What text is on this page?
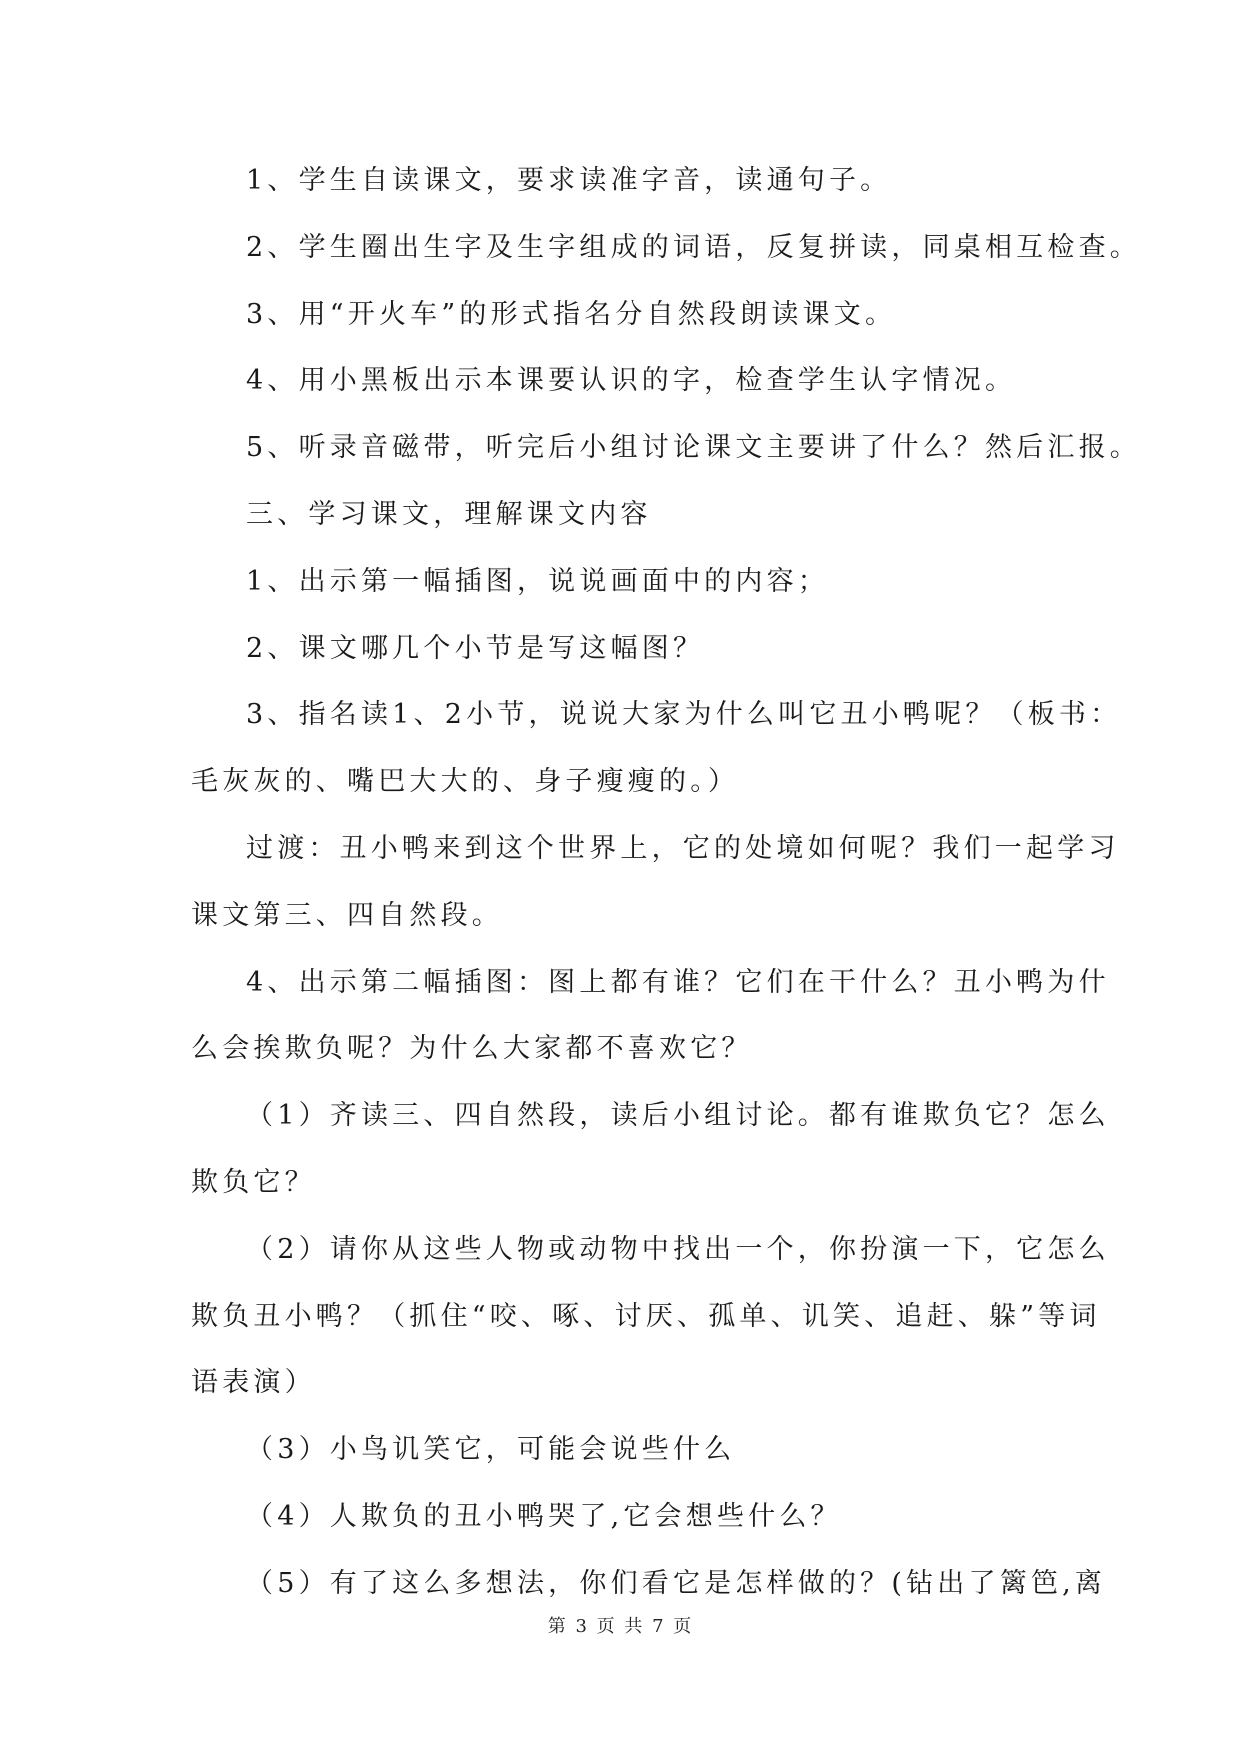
1、学生自读课文，要求读准字音，读通句子。
2、学生圈出生字及生字组成的词语，反复拼读，同桌相互检查。
3、用“开火车”的形式指名分自然段朗读课文。
4、用小黑板出示本课要认识的字，检查学生认字情况。
5、听录音磁带，听完后小组讨论课文主要讲了什么？然后汇报。
三、学习课文，理解课文内容
1、出示第一幅插图，说说画面中的内容；
2、课文哪几个小节是写这幅图？
3、指名读1、2小节，说说大家为什么叫它丑小鸭呢？（板书：
毛灰灰的、嘴巴大大的、身子瘦瘦的。）
过渡：丑小鸭来到这个世界上，它的处境如何呢？我们一起学习
课文第三、四自然段。
4、出示第二幅插图：图上都有谁？它们在干什么？丑小鸭为什
么会挨欺负呢？为什么大家都不喜欢它？
（1）齐读三、四自然段，读后小组讨论。都有谁欺负它？怎么
欺负它？
（2）请你从这些人物或动物中找出一个，你扮演一下，它怎么
欺负丑小鸭？（抓住“咬、啄、讨厌、孤单、讥笑、追赶、躲”等词
语表演）
（3）小鸟讥笑它，可能会说些什么
（4）人欺负的丑小鸭哭了,它会想些什么？
（5）有了这么多想法，你们看它是怎样做的？(钻出了篱笆,离
第 3 页 共 7 页
